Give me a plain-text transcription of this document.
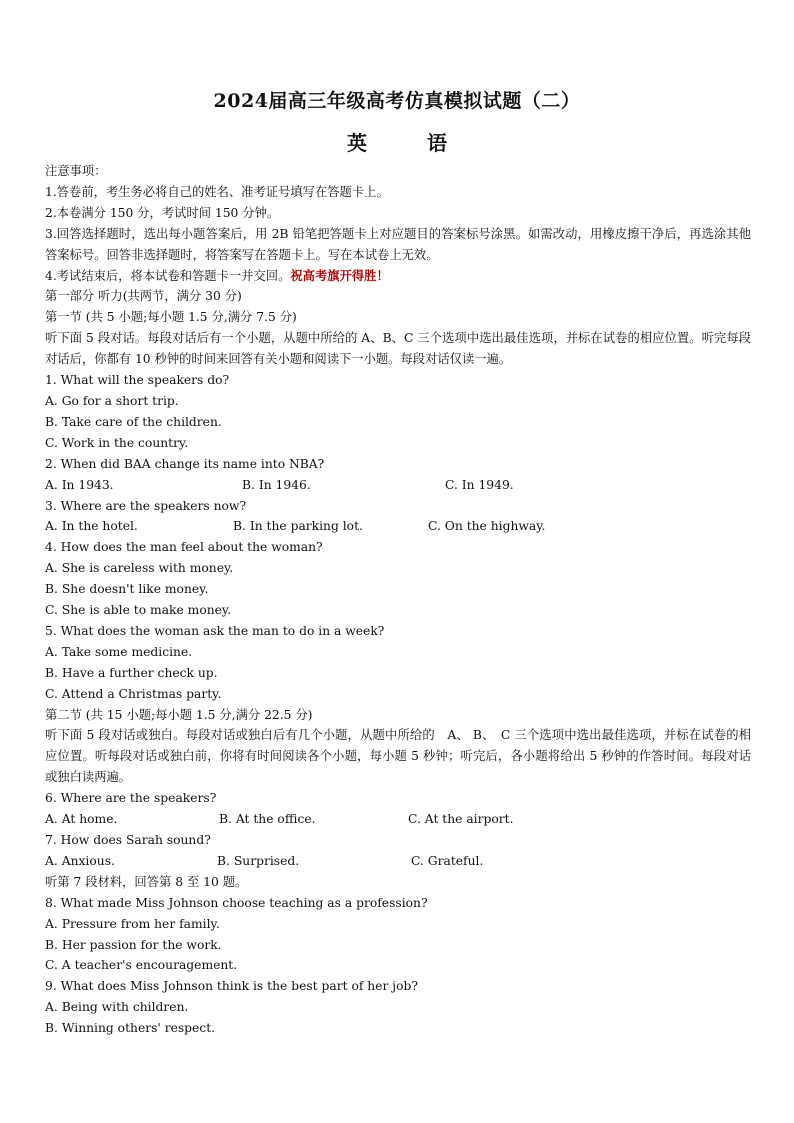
2024届高三年级高考仿真模拟试题（二）
英　语
注意事项：
1.答卷前，考生务必将自己的姓名、准考证号填写在答题卡上。
2.本卷满分 150 分，考试时间 150 分钟。
3.回答选择题时，选出每小题答案后，用 2B 铅笔把答题卡上对应题目的答案标号涂黑。如需改动，用橡皮擦干净后，再选涂其他答案标号。回答非选择题时，将答案写在答题卡上。写在本试卷上无效。
4.考试结束后，将本试卷和答题卡一并交回。祝高考旗开得胜！
第一部分 听力(共两节，满分 30 分)
第一节 (共 5 小题;每小题 1.5 分,满分 7.5 分)
听下面 5 段对话。每段对话后有一个小题，从题中所给的 A、B、C 三个选项中选出最佳选项，并标在试卷的相应位置。听完每段对话后，你都有 10 秒钟的时间来回答有关小题和阅读下一小题。每段对话仅读一遍。
1. What will the speakers do?
A. Go for a short trip.
B. Take care of the children.
C. Work in the country.
2. When did BAA change its name into NBA?
A. In 1943.	B. In 1946.	C. In 1949.
3. Where are the speakers now?
A. In the hotel.	B. In the parking lot.	C. On the highway.
4. How does the man feel about the woman?
A. She is careless with money.
B. She doesn't like money.
C. She is able to make money.
5. What does the woman ask the man to do in a week?
A. Take some medicine.
B. Have a further check up.
C. Attend a Christmas party.
第二节 (共 15 小题;每小题 1.5 分,满分 22.5 分)
听下面 5 段对话或独白。每段对话或独白后有几个小题，从题中所给的　A、 B、　C 三个选项中选出最佳选项，并标在试卷的相应位置。听每段对话或独白前，你将有时间阅读各个小题，每小题 5 秒钟；听完后，各小题将给出 5 秒钟的作答时间。每段对话或独白读两遍。
6. Where are the speakers?
A. At home.	B. At the office.	C. At the airport.
7. How does Sarah sound?
A. Anxious.	B. Surprised.	C. Grateful.
听第 7 段材料，回答第 8 至 10 题。
8. What made Miss Johnson choose teaching as a profession?
A. Pressure from her family.
B. Her passion for the work.
C. A teacher's encouragement.
9. What does Miss Johnson think is the best part of her job?
A. Being with children.
B. Winning others' respect.
